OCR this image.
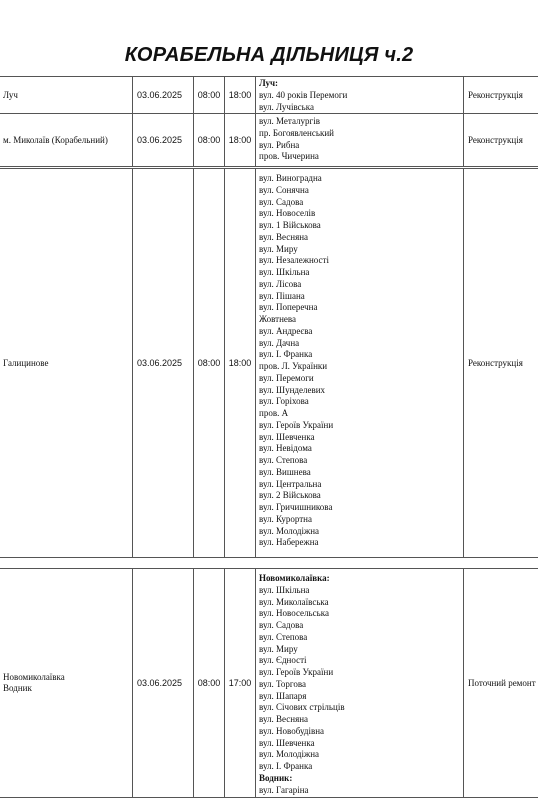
КОРАБЕЛЬНА ДІЛЬНИЦЯ ч.2
Луч	03.06.2025	08:00 18:00
Луч:
вул. 40 років Перемоги
вул. Лучівська
Реконструкція
м. Миколаїв (Корабельний)	03.06.2025	08:00 18:00
вул. Металургів
пр. Богоявленський
вул. Рибна
пров. Чичерина
Реконструкція
Галицинове	03.06.2025	08:00 18:00
вул. Виноградна
вул. Сонячна
вул. Садова
вул. Новоселів
вул. 1 Військова
вул. Весняна
вул. Миру
вул. Незалежності
вул. Шкільна
вул. Лісова
вул. Пішана
вул. Поперечна
Жовтнева
вул. Андреєва
вул. Дачна
вул. І. Франка
пров. Л. Українки
вул. Перемоги
вул. Шунделевих
вул. Горіхова
пров. А
вул. Героїв України
вул. Шевченка
вул. Невідома
вул. Степова
вул. Вишнева
вул. Центральна
вул. 2 Військова
вул. Гричишникова
вул. Курортна
вул. Молодіжна
вул. Набережна
Реконструкція
Новомиколаївка
Водник
03.06.2025	08:00 17:00
Новомиколаївка:
вул. Шкільна
вул. Миколаївська
вул. Новосельська
вул. Садова
вул. Степова
вул. Миру
вул. Єдності
вул. Героїв України
вул. Торгова
вул. Шапаря
вул. Січових стрільців
вул. Весняна
вул. Новобудівна
вул. Шевченка
вул. Молодіжна
вул. І. Франка
Водник:
вул. Гагаріна
Поточний ремонт
